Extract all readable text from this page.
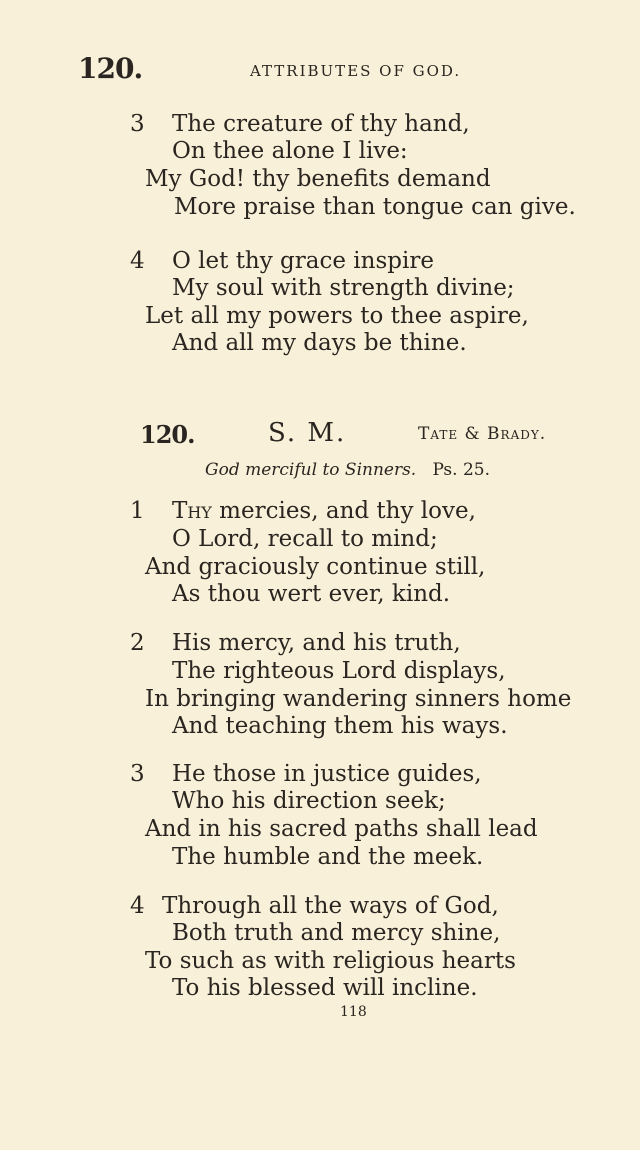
120.	ATTRIBUTES OF GOD.
3 The creature of thy hand,
On thee alone I live:
My God! thy benefits demand
More praise than tongue can give.
4 O let thy grace inspire
My soul with strength divine;
Let all my powers to thee aspire,
And all my days be thine.
120.	S. M.	Tate & Brady.
God merciful to Sinners. Ps. 25.
1 Thy mercies, and thy love,
O Lord, recall to mind;
And graciously continue still,
As thou wert ever, kind.
2 His mercy, and his truth,
The righteous Lord displays,
In bringing wandering sinners home
And teaching them his ways.
3 He those in justice guides,
Who his direction seek;
And in his sacred paths shall lead
The humble and the meek.
4 Through all the ways of God,
Both truth and mercy shine,
To such as with religious hearts
To his blessed will incline.
118
